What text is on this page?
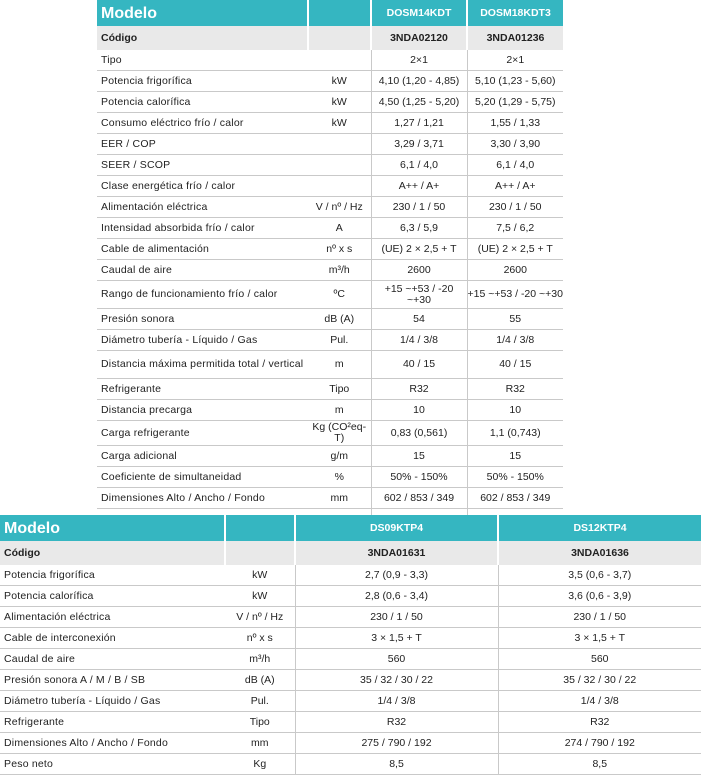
Modelo		DOSM14KDT	DOSM18KDT3
Código		3NDA02120	3NDA01236
Tipo		2×1	2×1
Potencia frigorífica	kW	4,10 (1,20 - 4,85)	5,10 (1,23 - 5,60)
Potencia calorífica	kW	4,50 (1,25 - 5,20)	5,20 (1,29 - 5,75)
Consumo eléctrico frío / calor	kW	1,27 / 1,21	1,55 / 1,33
EER / COP		3,29 / 3,71	3,30 / 3,90
SEER / SCOP		6,1 / 4,0	6,1 / 4,0
Clase energética frío / calor		A++ / A+	A++ / A+
Alimentación eléctrica	V / nº / Hz	230 / 1 / 50	230 / 1 / 50
Intensidad absorbida frío / calor	A	6,3 / 5,9	7,5 / 6,2
Cable de alimentación	nº x s	(UE) 2 × 2,5 + T	(UE) 2 × 2,5 + T
Caudal de aire	m³/h	2600	2600
Rango de funcionamiento frío / calor	ºC	+15 ~+53 / -20 ~+30	+15 ~+53 / -20 ~+30
Presión sonora	dB (A)	54	55
Diámetro tubería - Líquido / Gas	Pul.	1/4 / 3/8	1/4 / 3/8
Distancia máxima permitida total / vertical	m	40 / 15	40 / 15
Refrigerante	Tipo	R32	R32
Distancia precarga	m	10	10
Carga refrigerante	Kg (CO²eq-T)	0,83 (0,561)	1,1 (0,743)
Carga adicional	g/m	15	15
Coeficiente de simultaneidad	%	50% - 150%	50% - 150%
Dimensiones Alto / Ancho / Fondo	mm	602 / 853 / 349	602 / 853 / 349

Modelo		DS09KTP4	DS12KTP4
Código		3NDA01631	3NDA01636
Potencia frigorífica	kW	2,7 (0,9 - 3,3)	3,5 (0,6 - 3,7)
Potencia calorífica	kW	2,8 (0,6 - 3,4)	3,6 (0,6 - 3,9)
Alimentación eléctrica	V / nº / Hz	230 / 1 / 50	230 / 1 / 50
Cable de interconexión	nº x s	3 × 1,5 + T	3 × 1,5 + T
Caudal de aire	m³/h	560	560
Presión sonora A / M / B / SB	dB (A)	35 / 32 / 30 / 22	35 / 32 / 30 / 22
Diámetro tubería - Líquido / Gas	Pul.	1/4 / 3/8	1/4 / 3/8
Refrigerante	Tipo	R32	R32
Dimensiones Alto / Ancho / Fondo	mm	275 / 790 / 192	274 / 790 / 192
Peso neto	Kg	8,5	8,5
